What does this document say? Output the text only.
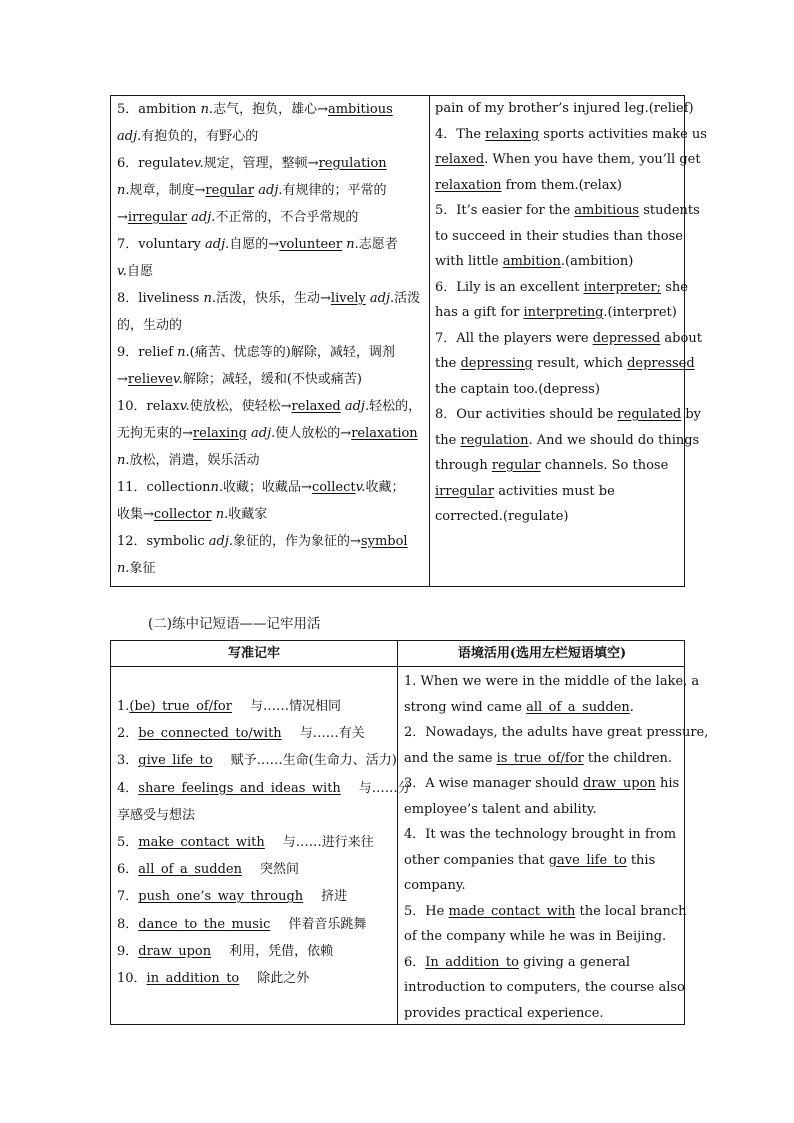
5．ambition n.志气，抱负，雄心→ambitious
adj.有抱负的，有野心的
6．regulatev.规定，管理，整顿→regulation
n.规章，制度→regular adj.有规律的；平常的
→irregular adj.不正常的，不合乎常规的
7．voluntary adj.自愿的→volunteer n.志愿者
v.自愿
8．liveliness n.活泼，快乐，生动→lively adj.活泼
的，生动的
9．relief n.(痛苦、忧虑等的)解除，减轻，调剂
→relievev.解除；减轻，缓和(不快或痛苦)
10．relaxv.使放松，使轻松→relaxed adj.轻松的，
无拘无束的→relaxing adj.使人放松的→relaxation
n.放松，消遣，娱乐活动
11．collectionn.收藏；收藏品→collectv.收藏；
收集→collector n.收藏家
12．symbolic adj.象征的，作为象征的→symbol
n.象征
pain of my brother’s injured leg.(relief)
4．The relaxing sports activities make us
relaxed. When you have them, you’ll get
relaxation from them.(relax)
5．It’s easier for the ambitious students
to succeed in their studies than those
with little ambition.(ambition)
6．Lily is an excellent interpreter; she
has a gift for interpreting.(interpret)
7．All the players were depressed about
the depressing result, which depressed
the captain too.(depress)
8．Our activities should be regulated by
the regulation. And we should do things
through regular channels. So those
irregular activities must be
corrected.(regulate)
(二)练中记短语——记牢用活
写准记牢	语境活用(选用左栏短语填空)
1.(be)_true_of/for 与……情况相同
2．be_connected_to/with 与……有关
3．give_life_to 赋予……生命(生命力、活力)
4．share_feelings_and_ideas_with 与……分
享感受与想法
5．make_contact_with 与……进行来往
6．all_of_a_sudden 突然间
7．push_one’s_way_through 挤进
8．dance_to_the_music 伴着音乐跳舞
9．draw_upon 利用，凭借，依赖
10．in_addition_to 除此之外
1. When we were in the middle of the lake, a
strong wind came all_of_a_sudden.
2．Nowadays, the adults have great pressure,
and the same is_true_of/for the children.
3．A wise manager should draw_upon his
employee’s talent and ability.
4．It was the technology brought in from
other companies that gave_life_to this
company.
5．He made_contact_with the local branch
of the company while he was in Beijing.
6．In_addition_to giving a general
introduction to computers, the course also
provides practical experience.
